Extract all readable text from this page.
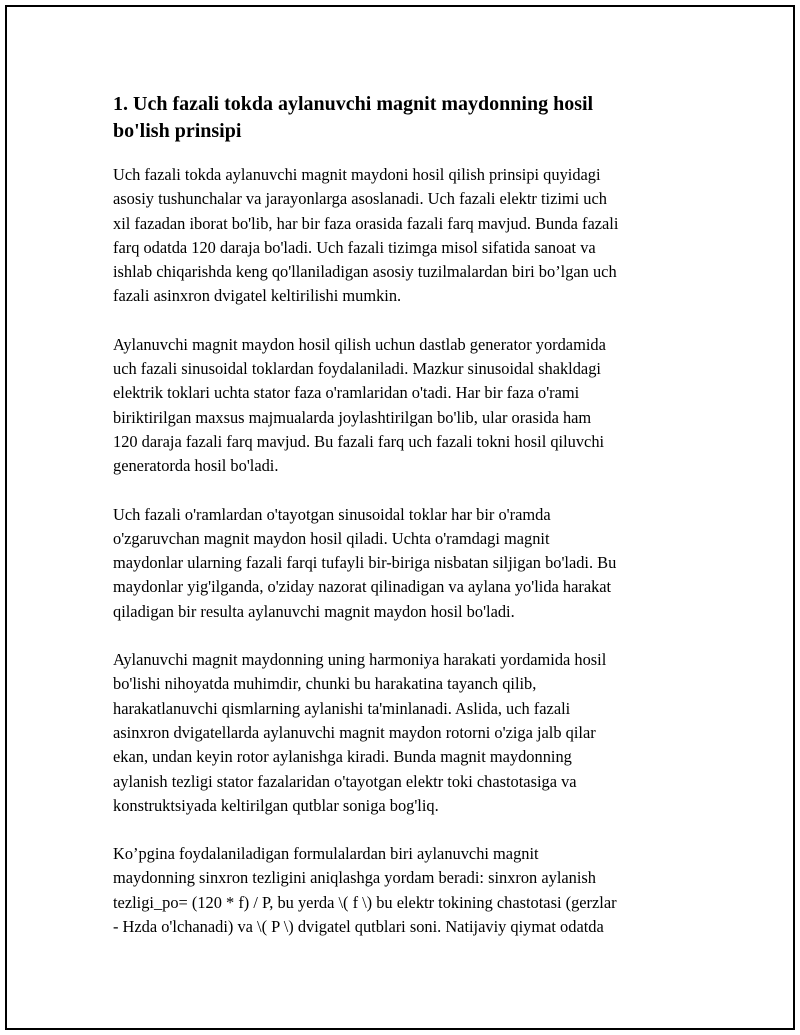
1. Uch fazali tokda aylanuvchi magnit maydonning hosil
bo'lish prinsipi

Uch fazali tokda aylanuvchi magnit maydoni hosil qilish prinsipi quyidagi
asosiy tushunchalar va jarayonlarga asoslanadi. Uch fazali elektr tizimi uch
xil fazadan iborat bo'lib, har bir faza orasida fazali farq mavjud. Bunda fazali
farq odatda 120 daraja bo'ladi. Uch fazali tizimga misol sifatida sanoat va
ishlab chiqarishda keng qo'llaniladigan asosiy tuzilmalardan biri bo’lgan uch
fazali asinxron dvigatel keltirilishi mumkin.

Aylanuvchi magnit maydon hosil qilish uchun dastlab generator yordamida
uch fazali sinusoidal toklardan foydalaniladi. Mazkur sinusoidal shakldagi
elektrik toklari uchta stator faza o'ramlaridan o'tadi. Har bir faza o'rami
biriktirilgan maxsus majmualarda joylashtirilgan bo'lib, ular orasida ham
120 daraja fazali farq mavjud. Bu fazali farq uch fazali tokni hosil qiluvchi
generatorda hosil bo'ladi.

Uch fazali o'ramlardan o'tayotgan sinusoidal toklar har bir o'ramda
o'zgaruvchan magnit maydon hosil qiladi. Uchta o'ramdagi magnit
maydonlar ularning fazali farqi tufayli bir-biriga nisbatan siljigan bo'ladi. Bu
maydonlar yig'ilganda, o'ziday nazorat qilinadigan va aylana yo'lida harakat
qiladigan bir resulta aylanuvchi magnit maydon hosil bo'ladi.

Aylanuvchi magnit maydonning uning harmoniya harakati yordamida hosil
bo'lishi nihoyatda muhimdir, chunki bu harakatina tayanch qilib,
harakatlanuvchi qismlarning aylanishi ta'minlanadi. Aslida, uch fazali
asinxron dvigatellarda aylanuvchi magnit maydon rotorni o'ziga jalb qilar
ekan, undan keyin rotor aylanishga kiradi. Bunda magnit maydonning
aylanish tezligi stator fazalaridan o'tayotgan elektr toki chastotasiga va
konstruktsiyada keltirilgan qutblar soniga bog'liq.

Ko’pgina foydalaniladigan formulalardan biri aylanuvchi magnit
maydonning sinxron tezligini aniqlashga yordam beradi: sinxron aylanish
tezligi_po= (120 * f) / P, bu yerda \( f \) bu elektr tokining chastotasi (gerzlar
- Hzda o'lchanadi) va \( P \) dvigatel qutblari soni. Natijaviy qiymat odatda
